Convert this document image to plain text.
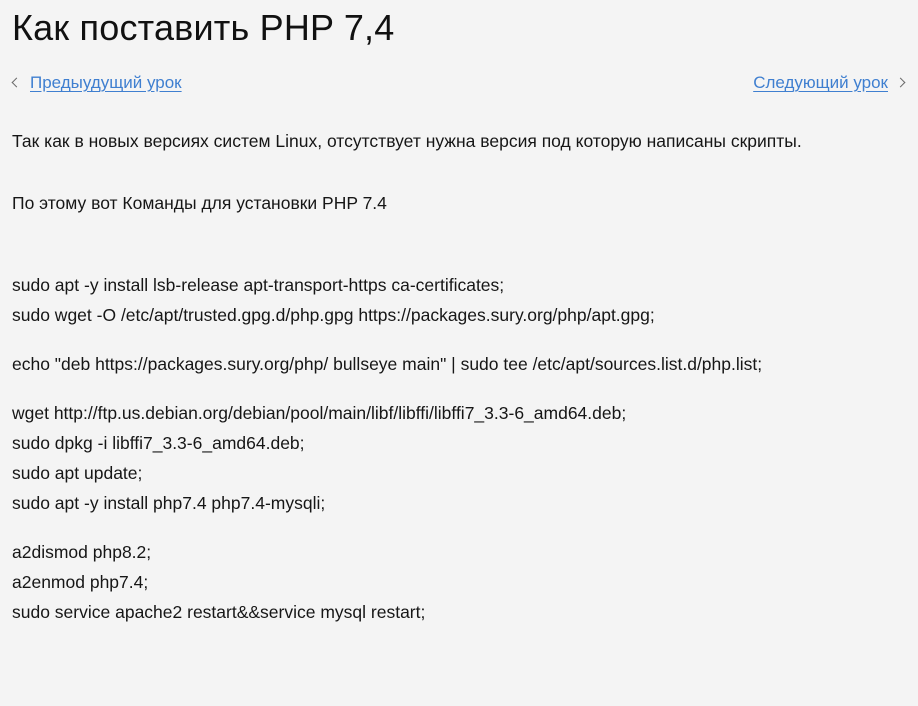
Как поставить PHP 7,4
Предыудущий урок	Следующий урок

Так как в новых версиях систем Linux, отсутствует нужна версия под которую написаны скрипты.

По этому вот Команды для установки PHP 7.4

sudo apt -y install lsb-release apt-transport-https ca-certificates;
sudo wget -O /etc/apt/trusted.gpg.d/php.gpg https://packages.sury.org/php/apt.gpg;
echo "deb https://packages.sury.org/php/ bullseye main" | sudo tee /etc/apt/sources.list.d/php.list;
wget http://ftp.us.debian.org/debian/pool/main/libf/libffi/libffi7_3.3-6_amd64.deb;
sudo dpkg -i libffi7_3.3-6_amd64.deb;
sudo apt update;
sudo apt -y install php7.4 php7.4-mysqli;
a2dismod php8.2;
a2enmod php7.4;
sudo service apache2 restart&&service mysql restart;
